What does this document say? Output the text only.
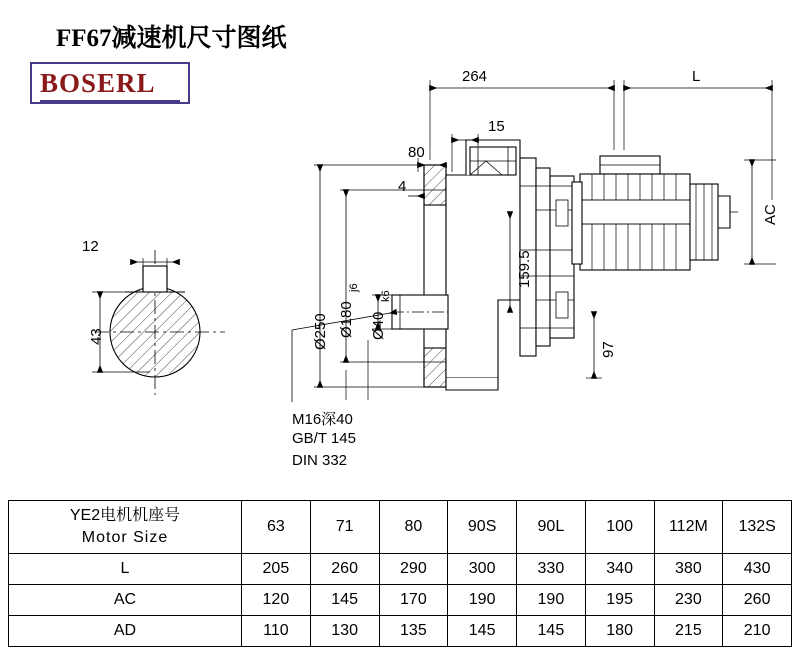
FF67减速机尺寸图纸
BOSERL
12
43
264	L
15
80
4
AC
159.5
97
Ø250 Ø180
j6
Ø40
k6
M16深40
GB/T 145
DIN 332
YE2电机机座号
Motor Size	63	71	80	90S	90L	100	112M	132S
L	205	260	290	300	330	340	380	430
AC	120	145	170	190	190	195	230	260
AD	110	130	135	145	145	180	215	210
